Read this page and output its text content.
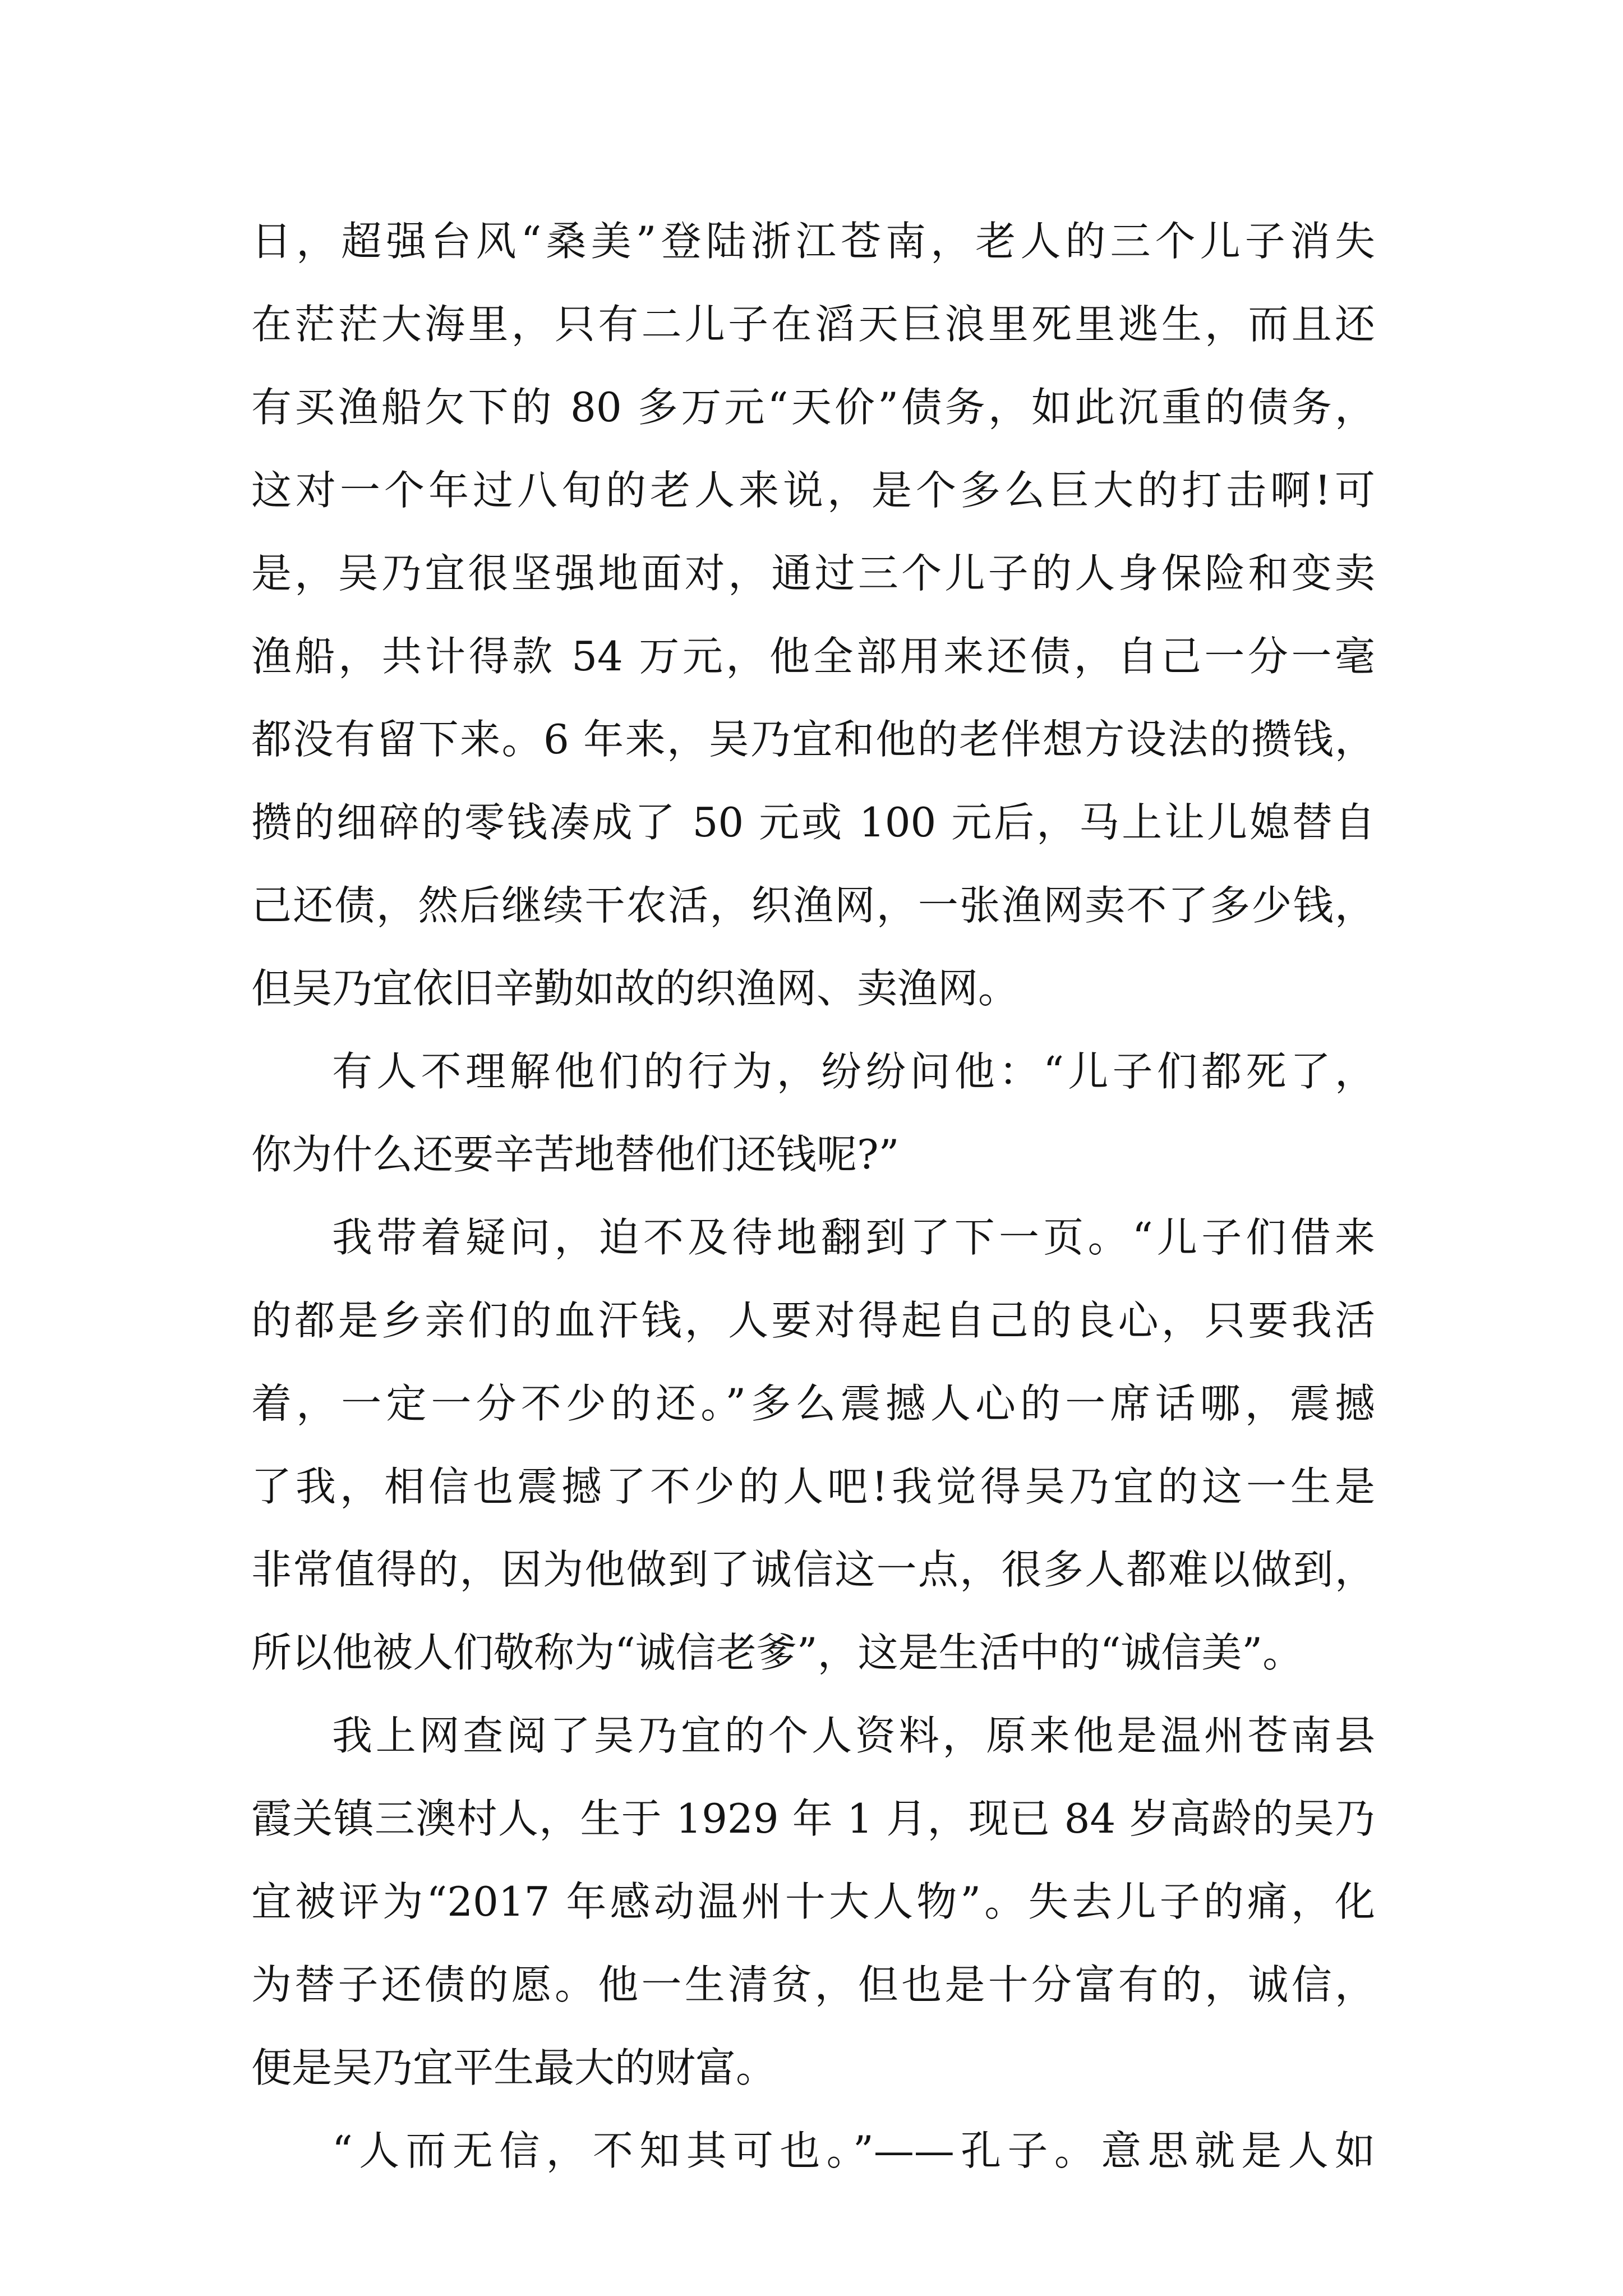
日，超强台风“桑美”登陆浙江苍南，老人的三个儿子消失
在茫茫大海里，只有二儿子在滔天巨浪里死里逃生，而且还
有买渔船欠下的 80 多万元“天价”债务，如此沉重的债务，
这对一个年过八旬的老人来说，是个多么巨大的打击啊!可
是，吴乃宜很坚强地面对，通过三个儿子的人身保险和变卖
渔船，共计得款 54 万元，他全部用来还债，自己一分一毫
都没有留下来。6 年来，吴乃宜和他的老伴想方设法的攒钱，
攒的细碎的零钱凑成了 50 元或 100 元后，马上让儿媳替自
己还债，然后继续干农活，织渔网，一张渔网卖不了多少钱，
但吴乃宜依旧辛勤如故的织渔网、卖渔网。
有人不理解他们的行为，纷纷问他：“儿子们都死了，
你为什么还要辛苦地替他们还钱呢?”
我带着疑问，迫不及待地翻到了下一页。“儿子们借来
的都是乡亲们的血汗钱，人要对得起自己的良心，只要我活
着，一定一分不少的还。”多么震撼人心的一席话哪，震撼
了我，相信也震撼了不少的人吧!我觉得吴乃宜的这一生是
非常值得的，因为他做到了诚信这一点，很多人都难以做到，
所以他被人们敬称为“诚信老爹”，这是生活中的“诚信美”。
我上网查阅了吴乃宜的个人资料，原来他是温州苍南县
霞关镇三澳村人，生于 1929 年 1 月，现已 84 岁高龄的吴乃
宜被评为“2017 年感动温州十大人物”。失去儿子的痛，化
为替子还债的愿。他一生清贫，但也是十分富有的，诚信，
便是吴乃宜平生最大的财富。
“人而无信，不知其可也。”——孔子。意思就是人如
